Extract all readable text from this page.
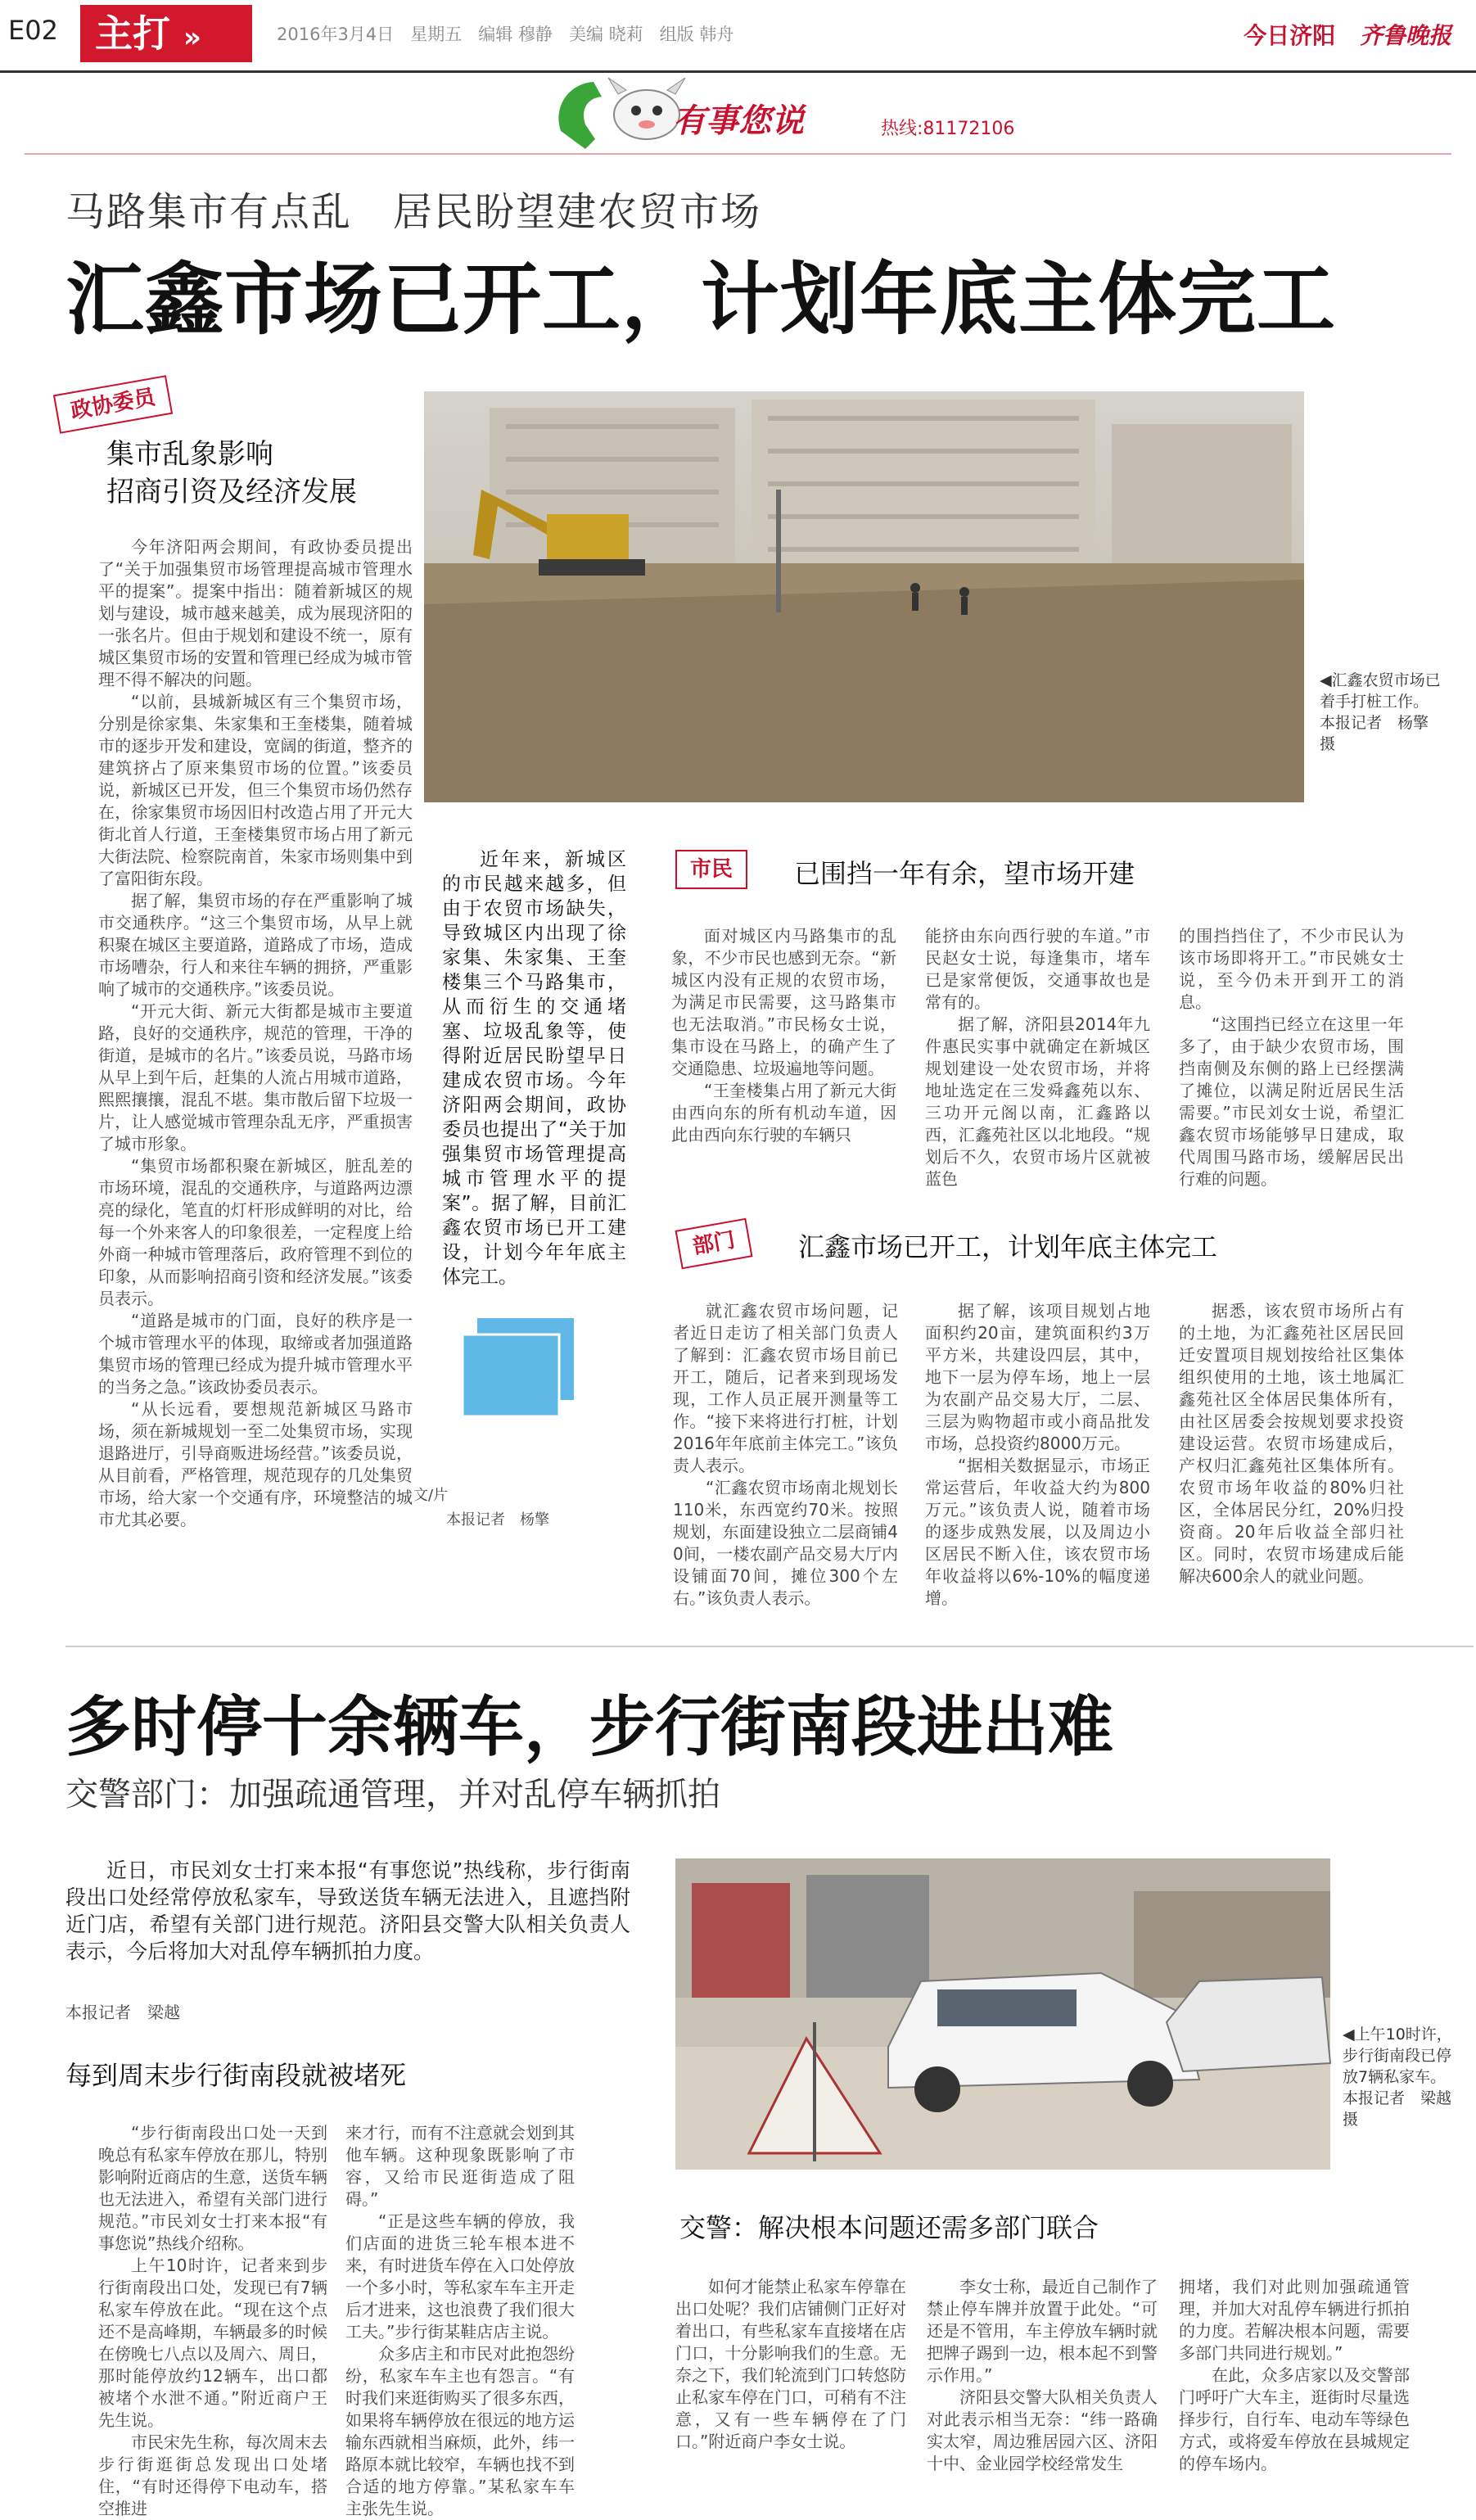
E02 主打 »	2016年3月4日 星期五 编辑 穆静 美编 晓莉 组版 韩舟	今日济阳 齐鲁晚报
有事您说	热线:81172106
马路集市有点乱　居民盼望建农贸市场
汇鑫市场已开工，计划年底主体完工
政协委员
集市乱象影响
招商引资及经济发展

今年济阳两会期间，有政协委员提出了“关于加强集贸市场管理提高城市管理水平的提案”。提案中指出：随着新城区的规划与建设，城市越来越美，成为展现济阳的一张名片。但由于规划和建设不统一，原有城区集贸市场的安置和管理已经成为城市管理不得不解决的问题。

“以前，县城新城区有三个集贸市场，分别是徐家集、朱家集和王奎楼集，随着城市的逐步开发和建设，宽阔的街道，整齐的建筑挤占了原来集贸市场的位置。”该委员说，新城区已开发，但三个集贸市场仍然存在，徐家集贸市场因旧村改造占用了开元大街北首人行道，王奎楼集贸市场占用了新元大街法院、检察院南首，朱家市场则集中到了富阳街东段。

据了解，集贸市场的存在严重影响了城市交通秩序。“这三个集贸市场，从早上就积聚在城区主要道路，道路成了市场，造成市场嘈杂，行人和来往车辆的拥挤，严重影响了城市的交通秩序。”该委员说。

“开元大街、新元大街都是城市主要道路，良好的交通秩序，规范的管理，干净的街道，是城市的名片。”该委员说，马路市场从早上到午后，赶集的人流占用城市道路，熙熙攘攘，混乱不堪。集市散后留下垃圾一片，让人感觉城市管理杂乱无序，严重损害了城市形象。

“集贸市场都积聚在新城区，脏乱差的市场环境，混乱的交通秩序，与道路两边漂亮的绿化，笔直的灯杆形成鲜明的对比，给每一个外来客人的印象很差，一定程度上给外商一种城市管理落后，政府管理不到位的印象，从而影响招商引资和经济发展。”该委员表示。

“道路是城市的门面，良好的秩序是一个城市管理水平的体现，取缔或者加强道路集贸市场的管理已经成为提升城市管理水平的当务之急。”该政协委员表示。

“从长远看，要想规范新城区马路市场，须在新城规划一至二处集贸市场，实现退路进厅，引导商贩进场经营。”该委员说，从目前看，严格管理，规范现存的几处集贸市场，给大家一个交通有序，环境整洁的城市尤其必要。

◀汇鑫农贸市场已着手打桩工作。　本报记者　杨擎　摄
近年来，新城区的市民越来越多，但由于农贸市场缺失，导致城区内出现了徐家集、朱家集、王奎楼集三个马路集市，从而衍生的交通堵塞、垃圾乱象等，使得附近居民盼望早日建成农贸市场。今年济阳两会期间，政协委员也提出了“关于加强集贸市场管理提高城市管理水平的提案”。据了解，目前汇鑫农贸市场已开工建设，计划今年年底主体完工。
文/片
本报记者　杨擎
市民	已围挡一年有余，望市场开建

面对城区内马路集市的乱象，不少市民也感到无奈。“新城区内没有正规的农贸市场，为满足市民需要，这马路集市也无法取消。”市民杨女士说，集市设在马路上，的确产生了交通隐患、垃圾遍地等问题。

“王奎楼集占用了新元大街由西向东的所有机动车道，因此由西向东行驶的车辆只

能挤由东向西行驶的车道。”市民赵女士说，每逢集市，堵车已是家常便饭，交通事故也是常有的。

据了解，济阳县2014年九件惠民实事中就确定在新城区规划建设一处农贸市场，并将地址选定在三发舜鑫苑以东、三功开元阁以南，汇鑫路以西，汇鑫苑社区以北地段。“规划后不久，农贸市场片区就被蓝色

的围挡挡住了，不少市民认为该市场即将开工。”市民姚女士说，至今仍未开到开工的消息。

“这围挡已经立在这里一年多了，由于缺少农贸市场，围挡南侧及东侧的路上已经摆满了摊位，以满足附近居民生活需要。”市民刘女士说，希望汇鑫农贸市场能够早日建成，取代周围马路市场，缓解居民出行难的问题。

部门	汇鑫市场已开工，计划年底主体完工

就汇鑫农贸市场问题，记者近日走访了相关部门负责人了解到：汇鑫农贸市场目前已开工，随后，记者来到现场发现，工作人员正展开测量等工作。“接下来将进行打桩，计划2016年年底前主体完工。”该负责人表示。

“汇鑫农贸市场南北规划长110米，东西宽约70米。按照规划，东面建设独立二层商铺40间，一楼农副产品交易大厅内设铺面70间，摊位300个左右。”该负责人表示。

据了解，该项目规划占地面积约20亩，建筑面积约3万平方米，共建设四层，其中，地下一层为停车场，地上一层为农副产品交易大厅，二层、三层为购物超市或小商品批发市场，总投资约8000万元。

“据相关数据显示，市场正常运营后，年收益大约为800万元。”该负责人说，随着市场的逐步成熟发展，以及周边小区居民不断入住，该农贸市场年收益将以6%-10%的幅度递增。

据悉，该农贸市场所占有的土地，为汇鑫苑社区居民回迁安置项目规划按给社区集体组织使用的土地，该土地属汇鑫苑社区全体居民集体所有，由社区居委会按规划要求投资建设运营。农贸市场建成后，产权归汇鑫苑社区集体所有。农贸市场年收益的80%归社区，全体居民分红，20%归投资商。20年后收益全部归社区。同时，农贸市场建成后能解决600余人的就业问题。

多时停十余辆车，步行街南段进出难
交警部门：加强疏通管理，并对乱停车辆抓拍

近日，市民刘女士打来本报“有事您说”热线称，步行街南段出口处经常停放私家车，导致送货车辆无法进入，且遮挡附近门店，希望有关部门进行规范。济阳县交警大队相关负责人表示，今后将加大对乱停车辆抓拍力度。

本报记者　梁越
每到周末步行街南段就被堵死

“步行街南段出口处一天到晚总有私家车停放在那儿，特别影响附近商店的生意，送货车辆也无法进入，希望有关部门进行规范。”市民刘女士打来本报“有事您说”热线介绍称。

上午10时许，记者来到步行街南段出口处，发现已有7辆私家车停放在此。“现在这个点还不是高峰期，车辆最多的时候在傍晚七八点以及周六、周日，那时能停放约12辆车，出口都被堵个水泄不通。”附近商户王先生说。

市民宋先生称，每次周末去步行街逛街总发现出口处堵住，“有时还得停下电动车，搭空推进

来才行，而有不注意就会划到其他车辆。这种现象既影响了市容，又给市民逛街造成了阻碍。”

“正是这些车辆的停放，我们店面的进货三轮车根本进不来，有时进货车停在入口处停放一个多小时，等私家车车主开走后才进来，这也浪费了我们很大工夫。”步行街某鞋店店主说。

众多店主和市民对此抱怨纷纷，私家车车主也有怨言。“有时我们来逛街购买了很多东西，如果将车辆停放在很远的地方运输东西就相当麻烦，此外，纬一路原本就比较窄，车辆也找不到合适的地方停靠。”某私家车车主张先生说。

◀上午10时许，步行街南段已停放7辆私家车。　本报记者　梁越　摄
交警：解决根本问题还需多部门联合

如何才能禁止私家车停靠在出口处呢？我们店铺侧门正好对着出口，有些私家车直接堵在店门口，十分影响我们的生意。无奈之下，我们轮流到门口转悠防止私家车停在门口，可稍有不注意，又有一些车辆停在了门口。”附近商户李女士说。

李女士称，最近自己制作了禁止停车牌并放置于此处。“可还是不管用，车主停放车辆时就把牌子踢到一边，根本起不到警示作用。”

济阳县交警大队相关负责人对此表示相当无奈：“纬一路确实太窄，周边雅居园六区、济阳十中、金业园学校经常发生

拥堵，我们对此则加强疏通管理，并加大对乱停车辆进行抓拍的力度。若解决根本问题，需要多部门共同进行规划。”

在此，众多店家以及交警部门呼吁广大车主，逛街时尽量选择步行，自行车、电动车等绿色方式，或将爱车停放在县城规定的停车场内。
